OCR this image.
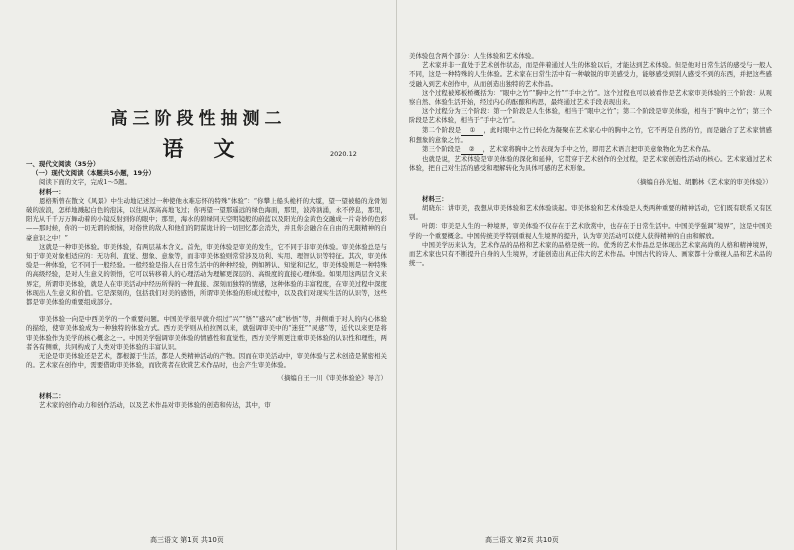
高三阶段性抽测二
语文	2020.12

一、现代文阅读（35分）

（一）现代文阅读（本题共5小题，19分）

阅读下面的文字，完成1～5题。

材料一：

恩格斯曾在散文《风景》中生动地记述过一种使他永难忘怀的特殊“体验”：“你攀上船头桅杆的大缆，望一望被船的龙骨划破的波浪，怎样地溅起白色的泡沫，以往从深高高地飞过；你再望一望那遥远的绿色海面，那里，波涛汹涌，永不停息，那里，阳光从千千万万舞动着的小镜反射到你的眼中；那里，海水的碧绿同天空明镜般的蔚蓝以及阳光的金黄色交融成一片奇妙的色彩——那时候，你的一切无谓的烦恼，对俗世的敌人和他们的阴谋诡计的一切回忆都会消失，并且你会融合在自由的无限精神的自豪意识之中！”

这就是一种审美体验。审美体验，有两层基本含义。首先，审美体验是审美的发生，它不同于非审美体验。审美体验总是与知于审美对象相适应的：无功利、直觉、想象、意象等，而非审美体验则常常涉及功利、实用、理智认识等特征。其次，审美体验是一种体验，它不同于一般经验。一般经验是指人在日常生活中的种种经验，例如辨认、知觉和记忆，审美体验则是一种特殊的高级经验，是对人生意义的领悟，它可以转移着人的心理活动为理解更深层的、高级度的直接心理体验。如果用这两层含义来界定，所谓审美体验，就是人在审美活动中经历所得的一种直接、深刻而独特的情感，这种体验的丰富程度，在审美过程中深度体现出人生意义和价值。它是深刻的，包括我们对美的感悟，所谓审美体验的形成过程中，以及我们对现实生活的认识等，这些都是审美体验的重要组成部分。

审美体验一向是中西美学的一个重要问题。中国美学很早就介绍过“兴”“悟”“感兴”或“妙悟”等，并侧重于对人的内心体验的描绘，使审美体验成为一种独特的体验方式。西方美学则从柏拉图以来，就强调审美中的“迷狂”“灵感”等，近代以来更是将审美体验作为美学的核心概念之一。中国美学强调审美体验的情感性和直觉性，西方美学则更注重审美体验的认识性和理性，两者各有侧重，共同构成了人类对审美体验的丰富认识。

无论是审美体验还是艺术，都根源于生活，都是人类精神活动的产物。因而在审美活动中，审美体验与艺术创造是紧密相关的。艺术家在创作中，需要借助审美体验，而欣赏者在欣赏艺术作品时，也会产生审美体验。

（摘编自王一川《审美体验论》导言）

材料二：

艺术家的创作动力和创作活动，以及艺术作品对审美体验的创造和传达，其中，审

高三语文 第1页 共10页

美体验包含两个部分：人生体验和艺术体验。

艺术家并非一直处于艺术创作状态，而是伴着通过人生的体验以后，才能达到艺术体验。但是他对日常生活的感受与一般人不同，这是一种特殊的人生体验。艺术家在日常生活中有一种敏锐的审美感受力，能够感受到别人感受不到的东西，并把这些感受融入到艺术创作中，从而创造出独特的艺术作品。

这个过程被郑板桥概括为：“眼中之竹”“胸中之竹”“手中之竹”。这个过程也可以被看作是艺术家审美体验的三个阶段：从观察自然、体验生活开始，经过内心的酝酿和构思，最终通过艺术手段表现出来。

这个过程分为三个阶段：第一个阶段是人生体验，相当于“眼中之竹”；第二个阶段是审美体验，相当于“胸中之竹”；第三个阶段是艺术体验，相当于“手中之竹”。

第二个阶段是 ① ，此时眼中之竹已转化为凝聚在艺术家心中的胸中之竹，它不再是自然的竹，而是融合了艺术家情感和想象的意象之竹。

第三个阶段是 ② ，艺术家将胸中之竹表现为手中之竹，即用艺术语言把审美意象物化为艺术作品。

也就是说，艺术体验是审美体验的深化和延伸，它贯穿于艺术创作的全过程，是艺术家创造性活动的核心。艺术家通过艺术体验，把自己对生活的感受和理解转化为具体可感的艺术形象。

（摘编自孙光旭、胡鹏林《艺术家的审美体验》）

材料三：

胡晓东：讲审美，我想从审美体验和艺术体验谈起。审美体验和艺术体验是人类两种重要的精神活动，它们既有联系又有区别。

叶朗：审美是人生的一种境界，审美体验不仅存在于艺术欣赏中，也存在于日常生活中。中国美学强调“境界”，这是中国美学的一个重要概念。中国传统美学特别重视人生境界的提升，认为审美活动可以使人获得精神的自由和解放。

中国美学历来认为，艺术作品的品格和艺术家的品格是统一的。优秀的艺术作品总是体现出艺术家高尚的人格和精神境界，而艺术家也只有不断提升自身的人生境界，才能创造出真正伟大的艺术作品。中国古代的诗人、画家都十分重视人品和艺术品的统一。

高三语文 第2页 共10页
